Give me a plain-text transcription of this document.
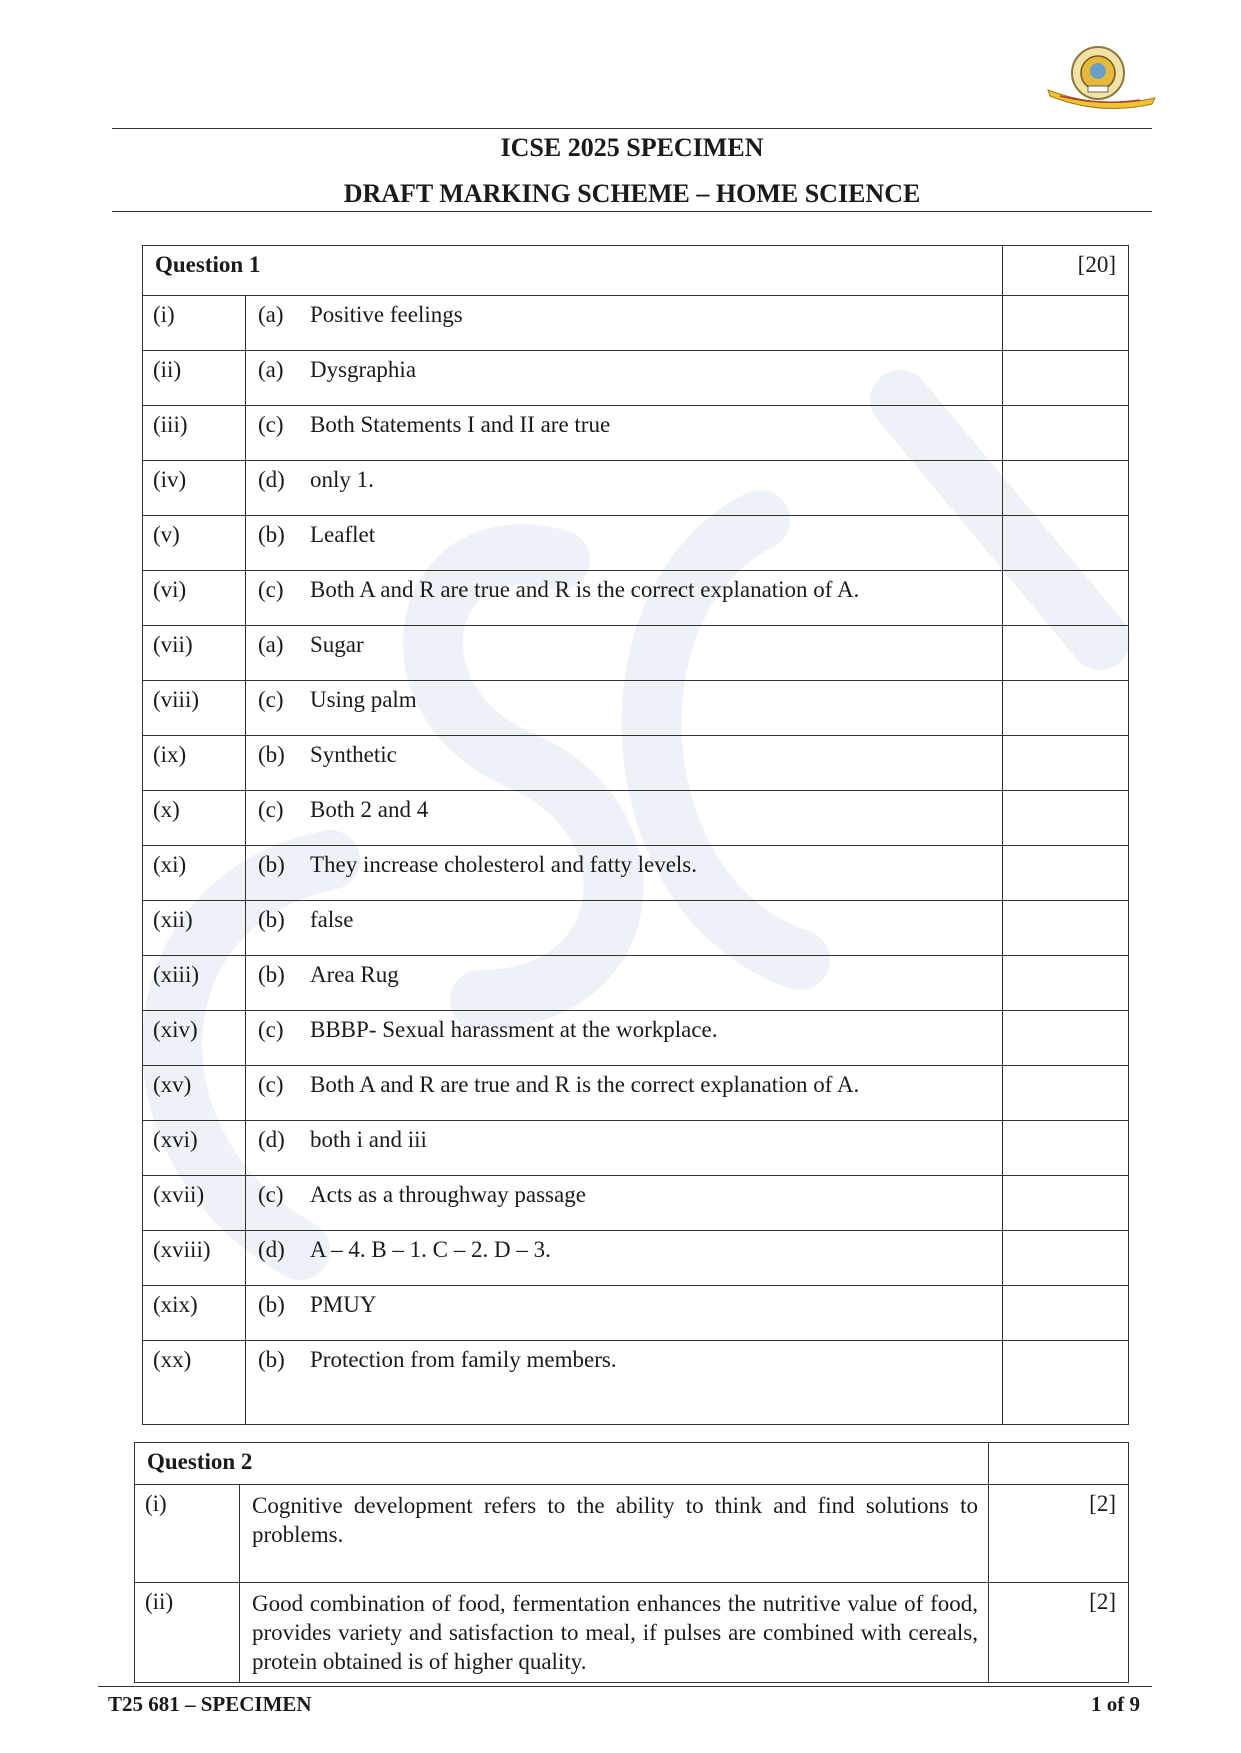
ICSE 2025 SPECIMEN
DRAFT MARKING SCHEME – HOME SCIENCE
Question 1		[20]
(i)	(a) Positive feelings	
(ii)	(a) Dysgraphia	
(iii)	(c) Both Statements I and II are true	
(iv)	(d) only 1.	
(v)	(b) Leaflet	
(vi)	(c) Both A and R are true and R is the correct explanation of A.	
(vii)	(a) Sugar	
(viii)	(c) Using palm	
(ix)	(b) Synthetic	
(x)	(c) Both 2 and 4	
(xi)	(b) They increase cholesterol and fatty levels.	
(xii)	(b) false	
(xiii)	(b) Area Rug	
(xiv)	(c) BBBP- Sexual harassment at the workplace.	
(xv)	(c) Both A and R are true and R is the correct explanation of A.	
(xvi)	(d) both i and iii	
(xvii)	(c) Acts as a throughway passage	
(xviii)	(d) A – 4. B – 1. C – 2. D – 3.	
(xix)	(b) PMUY	
(xx)	(b) Protection from family members.	
Question 2		
(i)	Cognitive development refers to the ability to think and find solutions to problems.	[2]
(ii)	Good combination of food, fermentation enhances the nutritive value of food, provides variety and satisfaction to meal, if pulses are combined with cereals, protein obtained is of higher quality.	[2]
T25 681 – SPECIMEN	1 of 9
